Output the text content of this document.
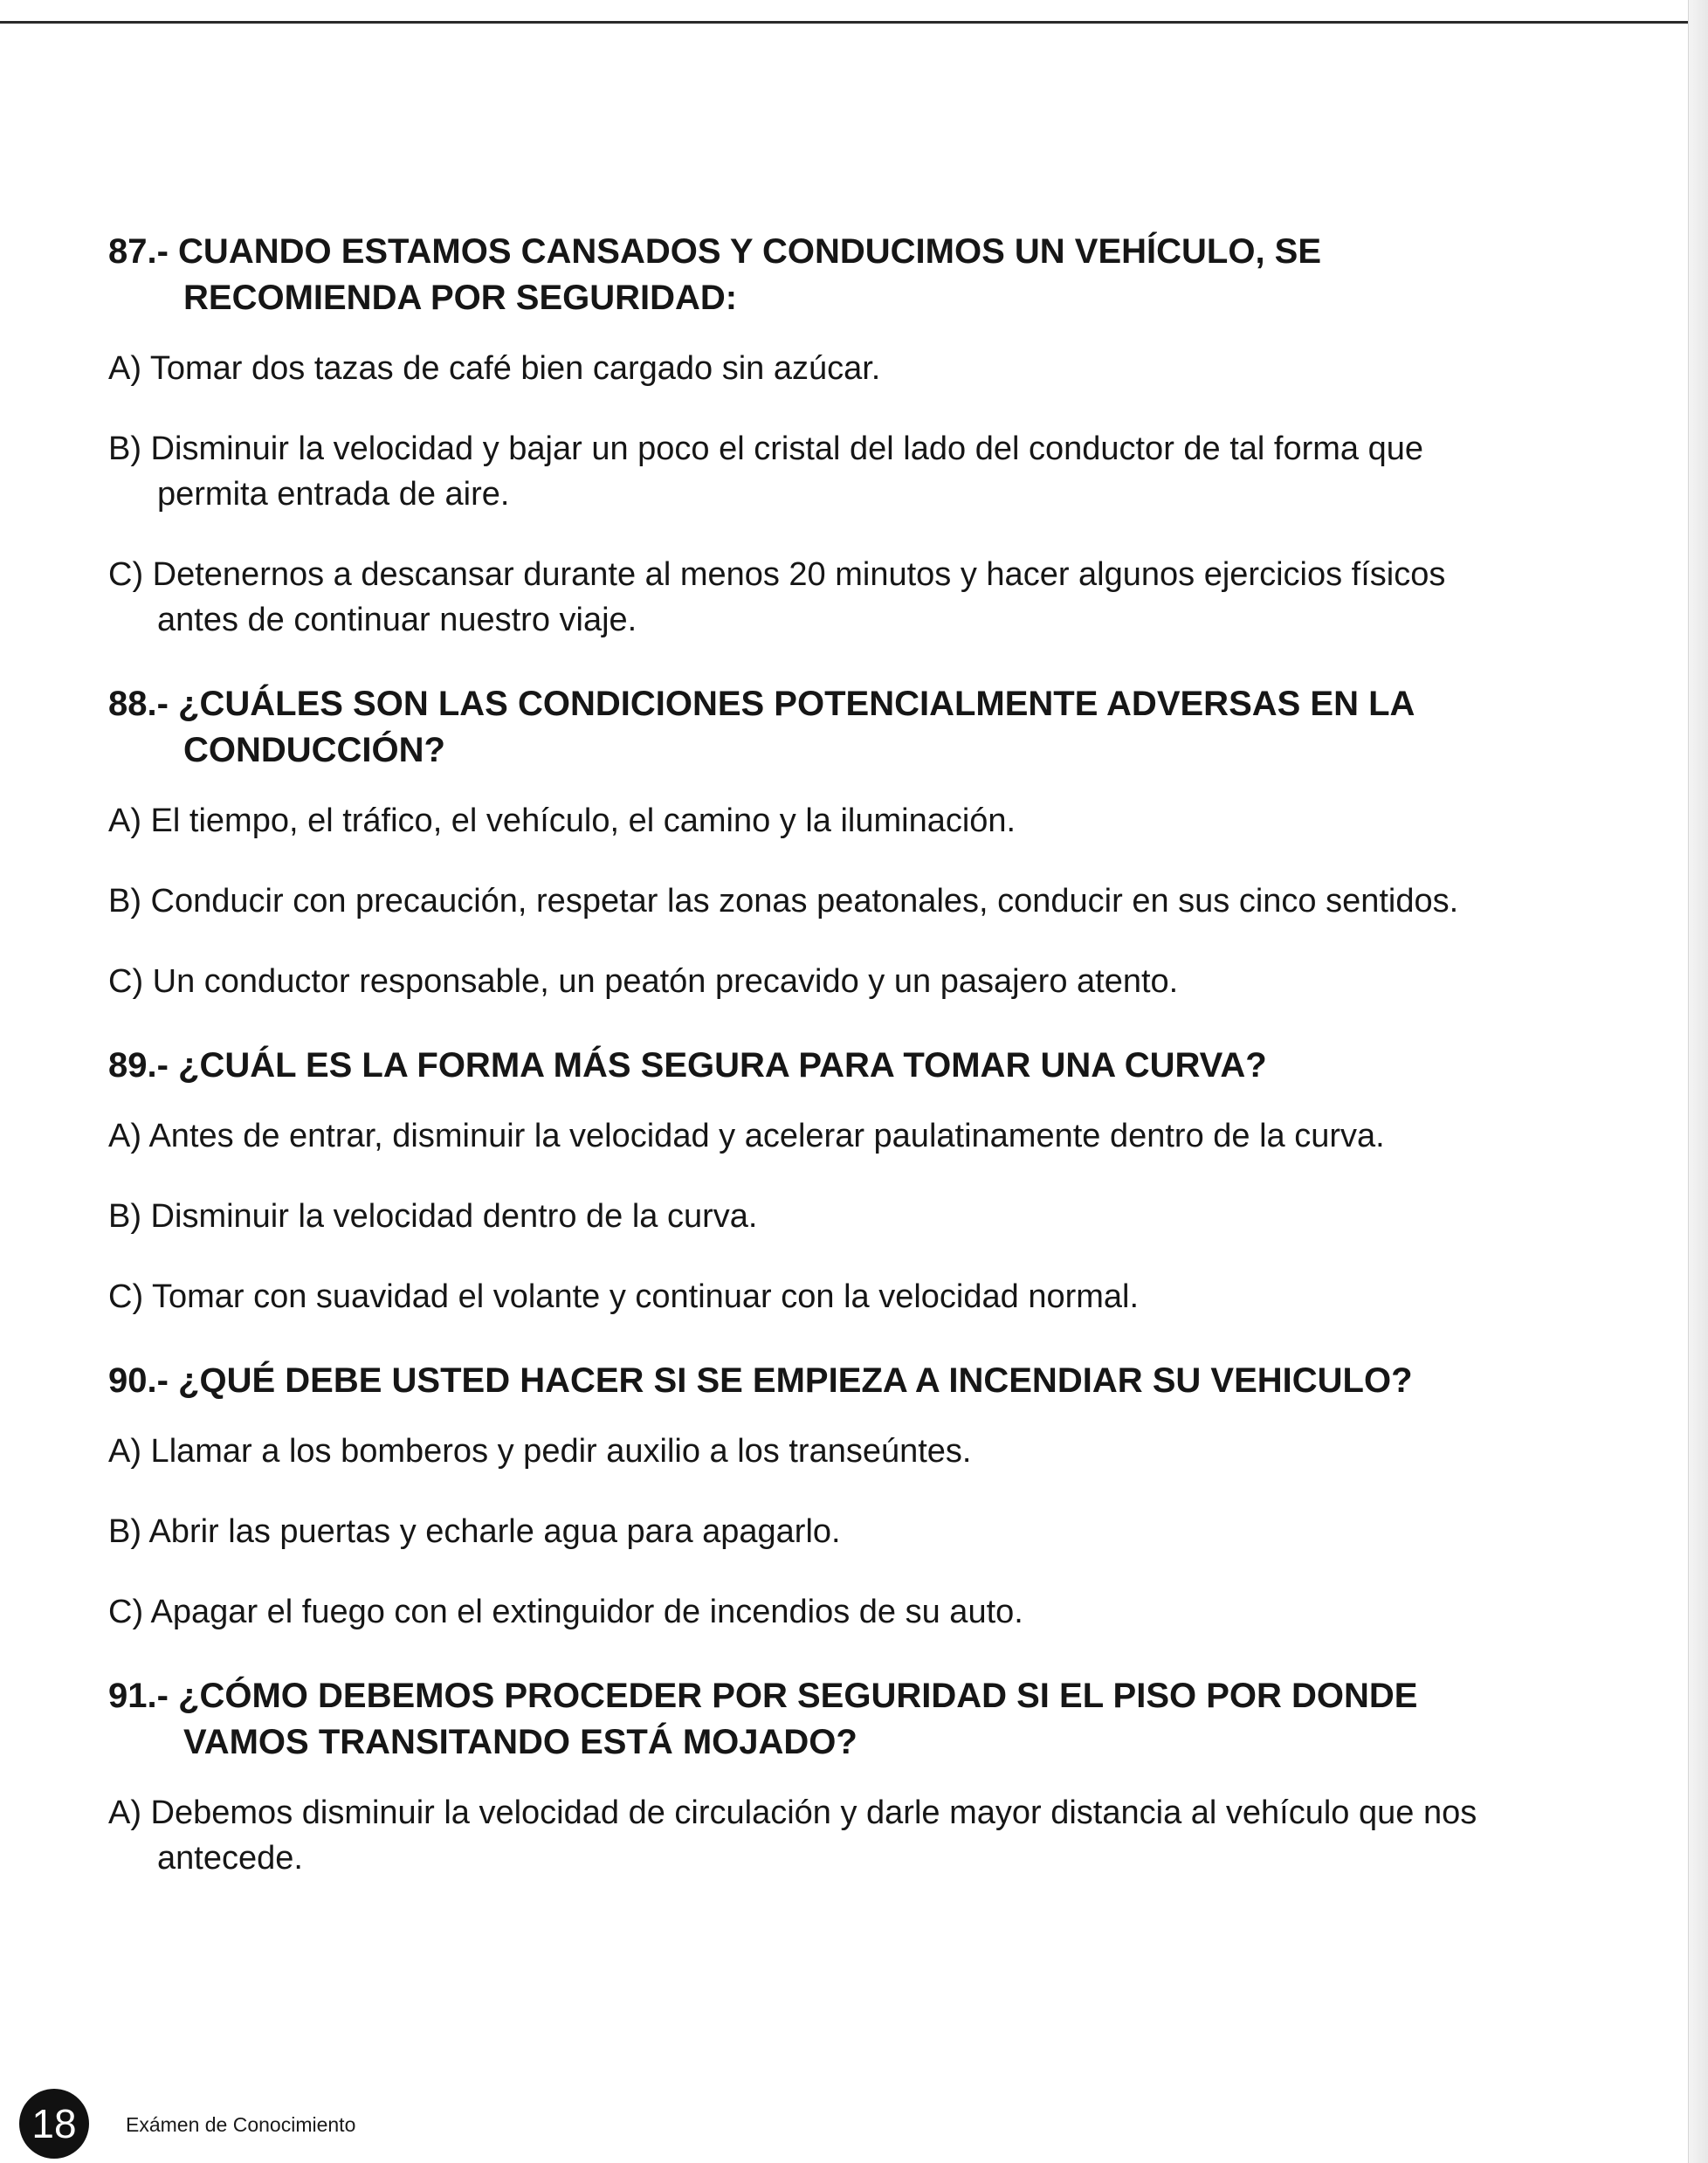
87.- CUANDO ESTAMOS CANSADOS Y CONDUCIMOS UN VEHÍCULO, SE RECOMIENDA POR SEGURIDAD:
A) Tomar dos tazas de café bien cargado sin azúcar.
B) Disminuir la velocidad y bajar un poco el cristal del lado del conductor de tal forma que permita entrada de aire.
C) Detenernos a descansar durante al menos 20 minutos y hacer algunos ejercicios físicos antes de continuar nuestro viaje.
88.- ¿CUÁLES SON LAS CONDICIONES POTENCIALMENTE ADVERSAS EN LA CONDUCCIÓN?
A) El tiempo, el tráfico, el vehículo, el camino y la iluminación.
B) Conducir con precaución, respetar las zonas peatonales, conducir en sus cinco sentidos.
C) Un conductor responsable, un peatón precavido y un pasajero atento.
89.- ¿CUÁL ES LA FORMA MÁS SEGURA PARA TOMAR UNA CURVA?
A) Antes de entrar, disminuir la velocidad y acelerar paulatinamente dentro de la curva.
B) Disminuir la velocidad dentro de la curva.
C) Tomar con suavidad el volante y continuar con la velocidad normal.
90.- ¿QUÉ DEBE USTED HACER SI SE EMPIEZA A INCENDIAR SU VEHICULO?
A) Llamar a los bomberos y pedir auxilio a los transeúntes.
B) Abrir las puertas y echarle agua para apagarlo.
C) Apagar el fuego con el extinguidor de incendios de su auto.
91.- ¿CÓMO DEBEMOS PROCEDER POR SEGURIDAD SI EL PISO POR DONDE VAMOS TRANSITANDO ESTÁ MOJADO?
A) Debemos disminuir la velocidad de circulación y darle mayor distancia al vehículo que nos antecede.
18	Exámen de Conocimiento
